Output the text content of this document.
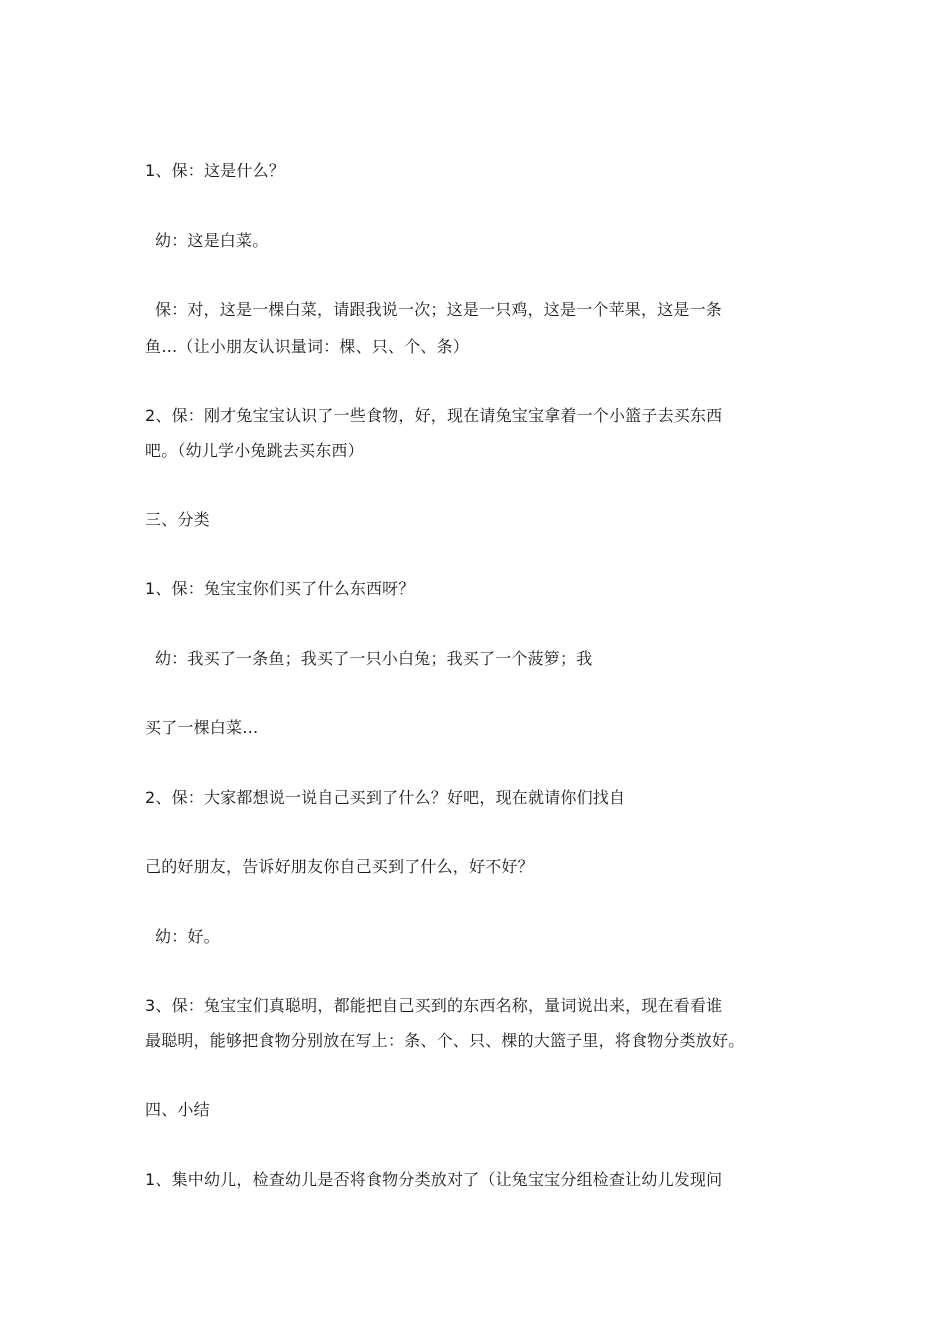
1、保：这是什么？
幼：这是白菜。
保：对，这是一棵白菜，请跟我说一次；这是一只鸡，这是一个苹果，这是一条
鱼…（让小朋友认识量词：棵、只、个、条）
2、保：刚才兔宝宝认识了一些食物，好，现在请兔宝宝拿着一个小篮子去买东西
吧。（幼儿学小兔跳去买东西）
三、分类
1、保：兔宝宝你们买了什么东西呀？
幼：我买了一条鱼；我买了一只小白兔；我买了一个菠箩；我
买了一棵白菜…
2、保：大家都想说一说自己买到了什么？好吧，现在就请你们找自
己的好朋友，告诉好朋友你自己买到了什么，好不好？
幼：好。
3、保：兔宝宝们真聪明，都能把自己买到的东西名称，量词说出来，现在看看谁
最聪明，能够把食物分别放在写上：条、个、只、棵的大篮子里，将食物分类放好。
四、小结
1、集中幼儿，检查幼儿是否将食物分类放对了（让兔宝宝分组检查让幼儿发现问
